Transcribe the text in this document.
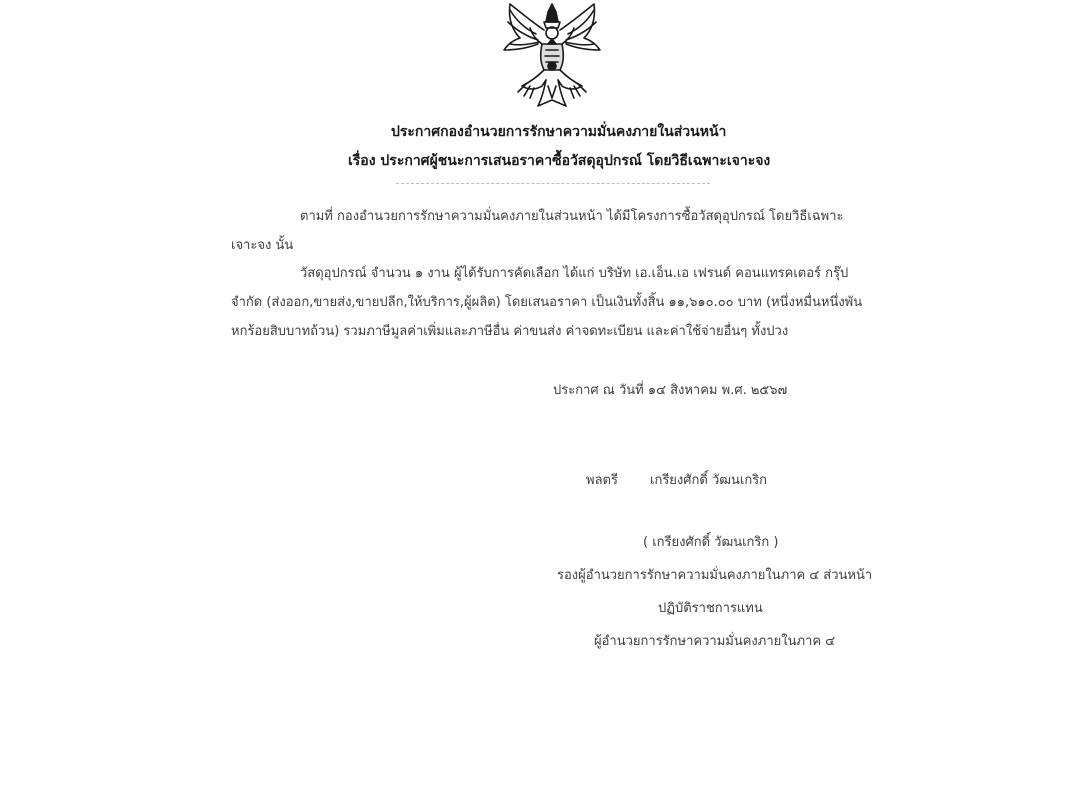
ประกาศกองอำนวยการรักษาความมั่นคงภายในส่วนหน้า
เรื่อง ประกาศผู้ชนะการเสนอราคาซื้อวัสดุอุปกรณ์ โดยวิธีเฉพาะเจาะจง
ตามที่ กองอำนวยการรักษาความมั่นคงภายในส่วนหน้า ได้มีโครงการซื้อวัสดุอุปกรณ์ โดยวิธีเฉพาะ
เจาะจง นั้น
วัสดุอุปกรณ์ จำนวน ๑ งาน ผู้ได้รับการคัดเลือก ได้แก่ บริษัท เอ.เอ็น.เอ เฟรนด์ คอนแทรคเตอร์ กรุ๊ป
จำกัด (ส่งออก,ขายส่ง,ขายปลีก,ให้บริการ,ผู้ผลิต) โดยเสนอราคา เป็นเงินทั้งสิ้น ๑๑,๖๑๐.๐๐ บาท (หนึ่งหมื่นหนึ่งพัน
หกร้อยสิบบาทถ้วน) รวมภาษีมูลค่าเพิ่มและภาษีอื่น ค่าขนส่ง ค่าจดทะเบียน และค่าใช้จ่ายอื่นๆ ทั้งปวง
ประกาศ ณ วันที่ ๑๔ สิงหาคม พ.ศ. ๒๕๖๗
พลตรี เกรียงศักดิ์ วัฒนเกริก
( เกรียงศักดิ์ วัฒนเกริก )
รองผู้อำนวยการรักษาความมั่นคงภายในภาค ๔ ส่วนหน้า
ปฏิบัติราชการแทน
ผู้อำนวยการรักษาความมั่นคงภายในภาค ๔
